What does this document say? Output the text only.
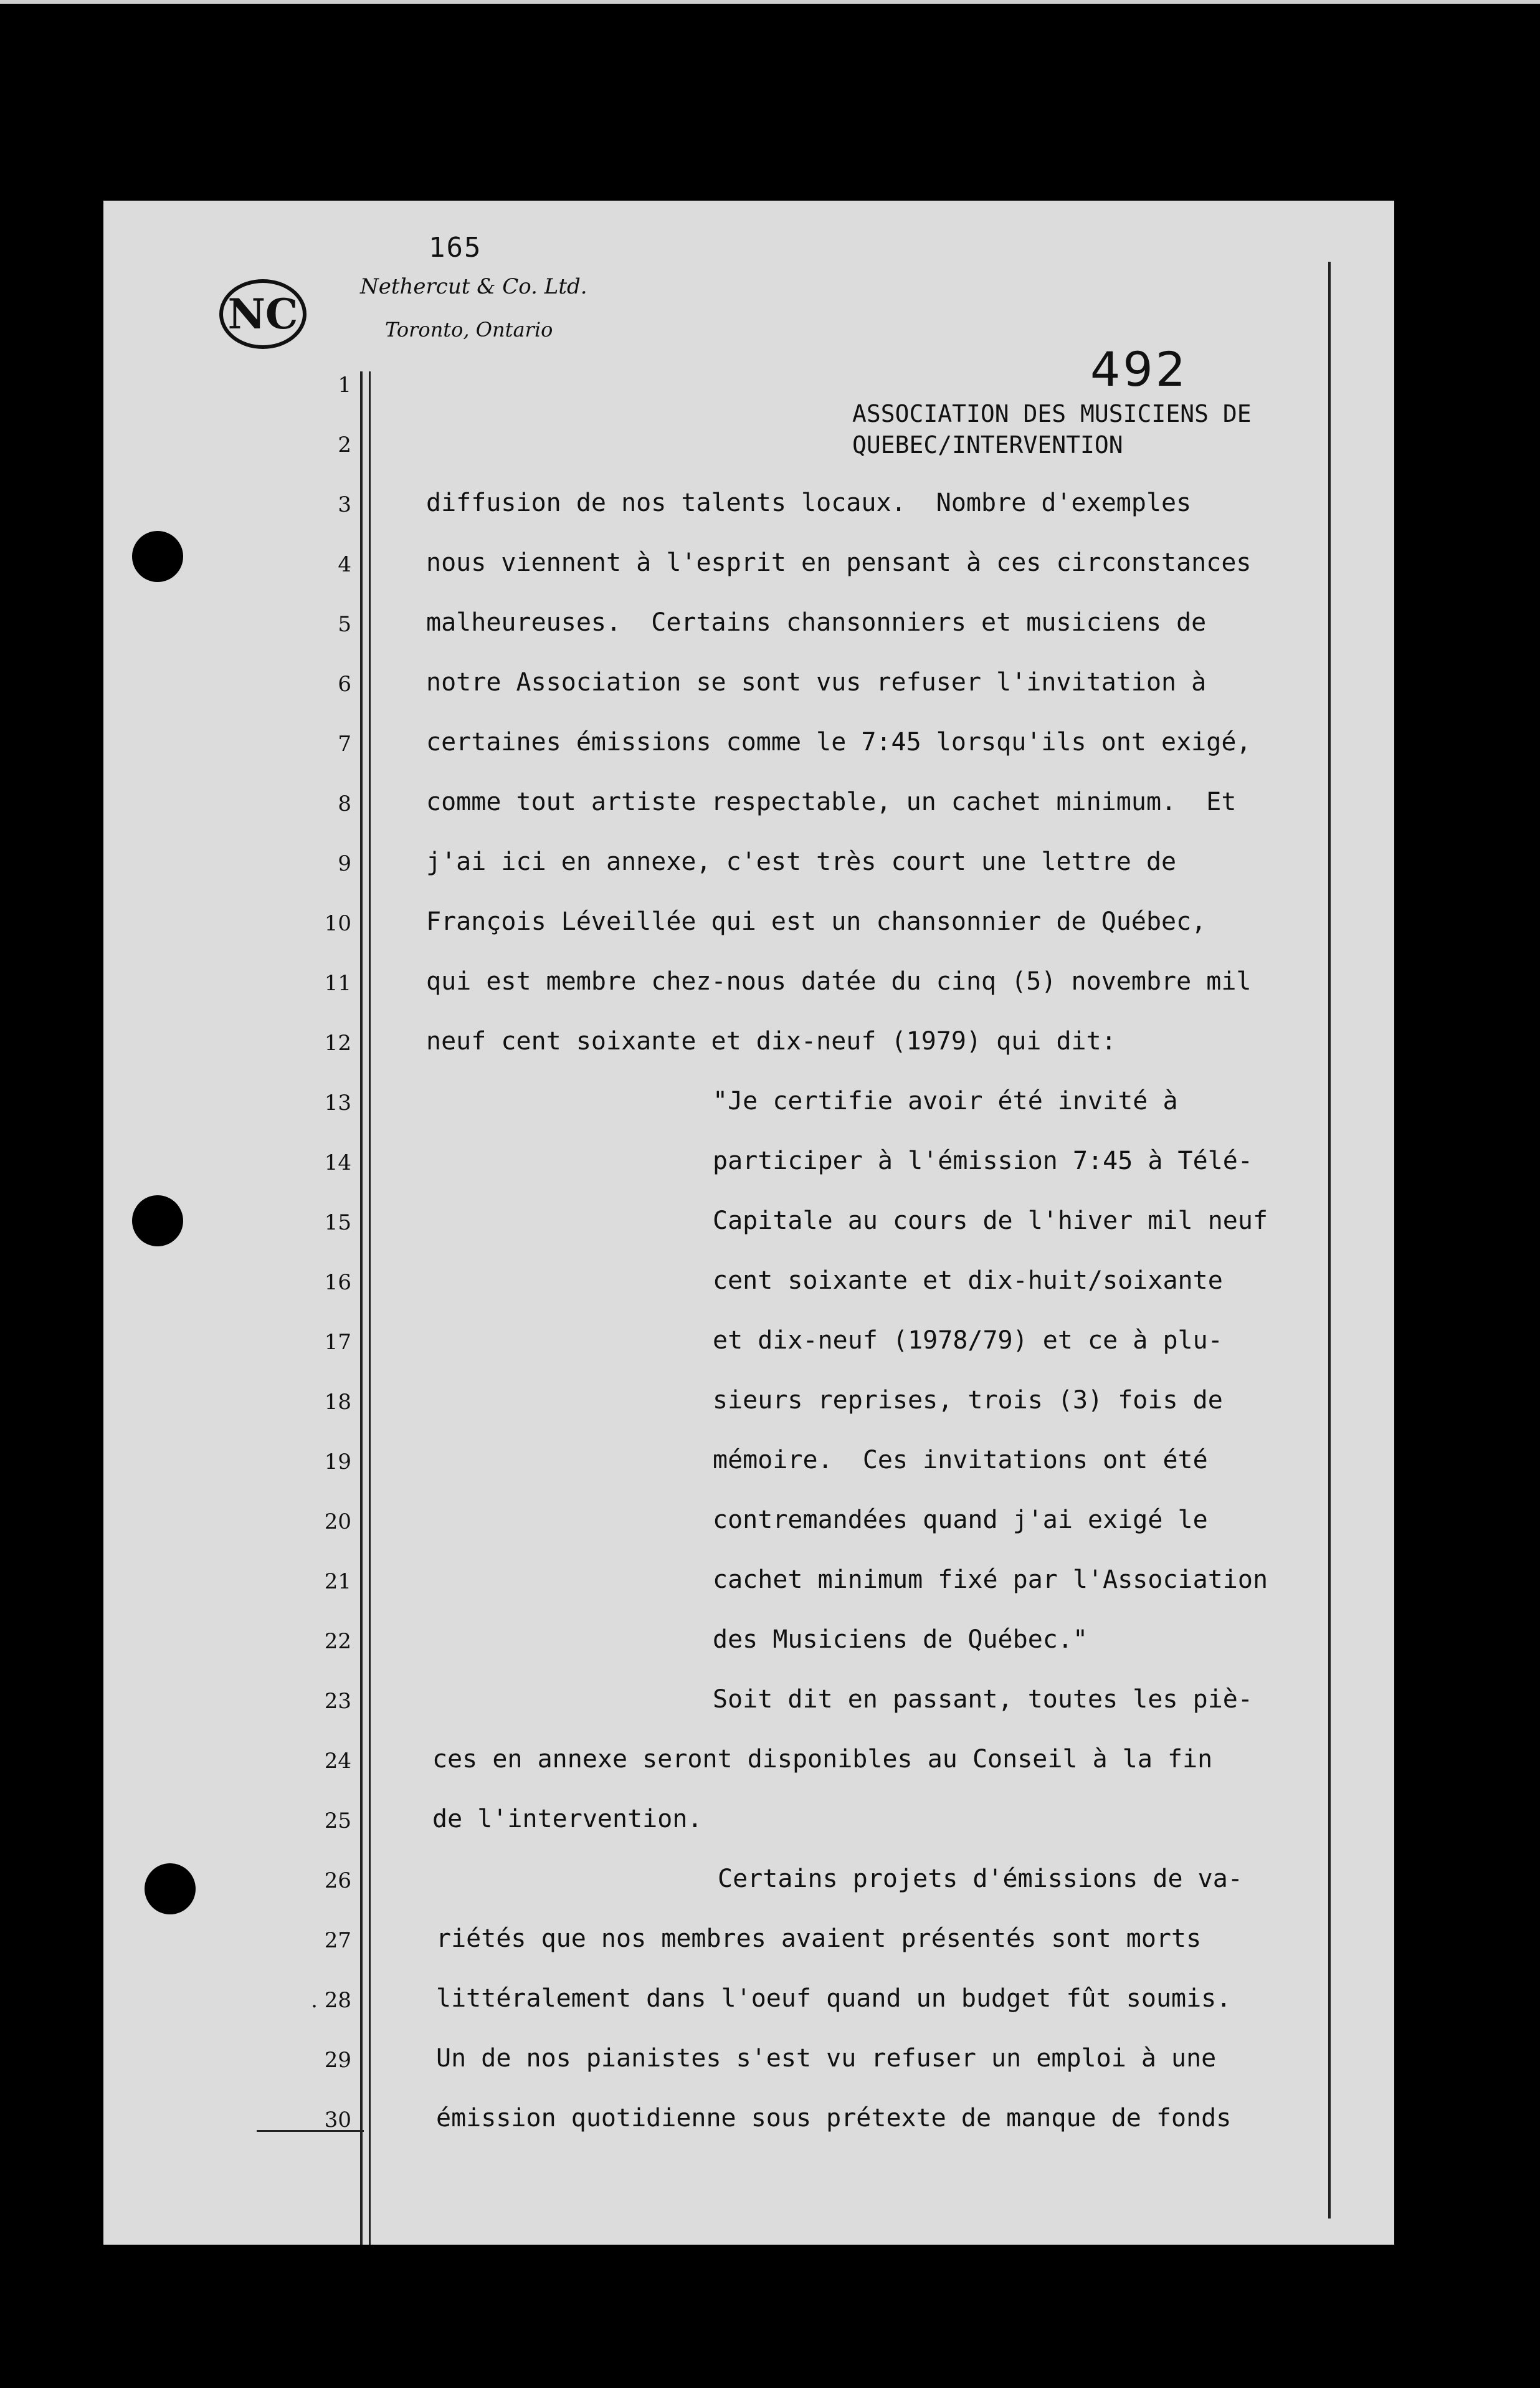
165
NC
Nethercut & Co. Ltd.
Toronto, Ontario
492
ASSOCIATION DES MUSICIENS DE
QUEBEC/INTERVENTION
1
2
3
4
5
6
7
8
9
10
11
12
13
14
15
16
17
18
19
20
21
22
23
24
25
26
27
. 28
29
30
diffusion de nos talents locaux.  Nombre d'exemples
nous viennent à l'esprit en pensant à ces circonstances
malheureuses.  Certains chansonniers et musiciens de
notre Association se sont vus refuser l'invitation à
certaines émissions comme le 7:45 lorsqu'ils ont exigé,
comme tout artiste respectable, un cachet minimum.  Et
j'ai ici en annexe, c'est très court une lettre de
François Léveillée qui est un chansonnier de Québec,
qui est membre chez-nous datée du cinq (5) novembre mil
neuf cent soixante et dix-neuf (1979) qui dit:
"Je certifie avoir été invité à
participer à l'émission 7:45 à Télé-
Capitale au cours de l'hiver mil neuf
cent soixante et dix-huit/soixante
et dix-neuf (1978/79) et ce à plu-
sieurs reprises, trois (3) fois de
mémoire.  Ces invitations ont été
contremandées quand j'ai exigé le
cachet minimum fixé par l'Association
des Musiciens de Québec."
Soit dit en passant, toutes les piè-
ces en annexe seront disponibles au Conseil à la fin
de l'intervention.
Certains projets d'émissions de va-
riétés que nos membres avaient présentés sont morts
littéralement dans l'oeuf quand un budget fût soumis.
Un de nos pianistes s'est vu refuser un emploi à une
émission quotidienne sous prétexte de manque de fonds
